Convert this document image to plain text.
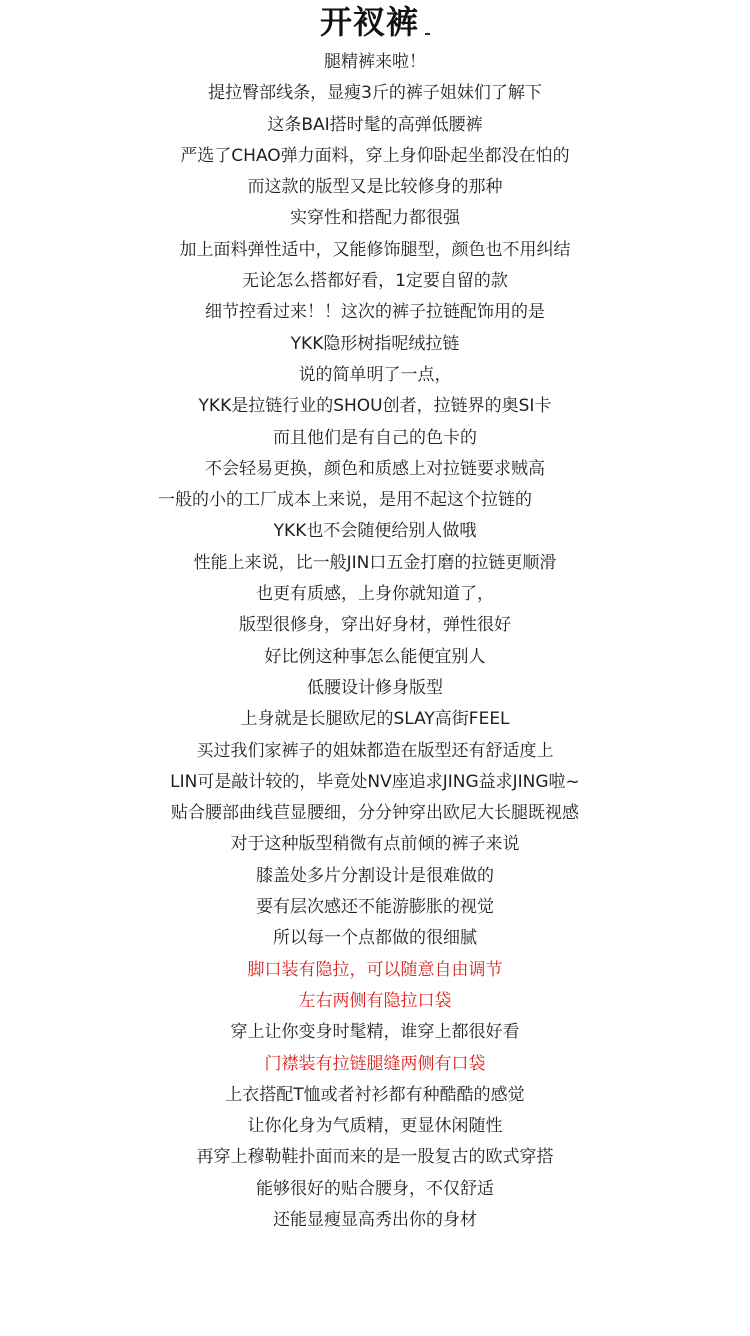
开衩裤
腿精裤来啦！
提拉臀部线条，显瘦3斤的裤子姐妹们了解下
这条BAI搭时髦的高弹低腰裤
严选了CHAO弹力面料，穿上身仰卧起坐都没在怕的
而这款的版型又是比较修身的那种
实穿性和搭配力都很强
加上面料弹性适中，又能修饰腿型，颜色也不用纠结
无论怎么搭都好看，1定要自留的款
细节控看过来！！这次的裤子拉链配饰用的是
YKK隐形树指呢绒拉链
说的简单明了一点，
YKK是拉链行业的SHOU创者，拉链界的奥SI卡
而且他们是有自己的色卡的
不会轻易更换，颜色和质感上对拉链要求贼高
一般的小的工厂成本上来说，是用不起这个拉链的
YKK也不会随便给别人做哦
性能上来说，比一般JIN口五金打磨的拉链更顺滑
也更有质感，上身你就知道了，
版型很修身，穿出好身材，弹性很好
好比例这种事怎么能便宜别人
低腰设计修身版型
上身就是长腿欧尼的SLAY高街FEEL
买过我们家裤子的姐妹都造在版型还有舒适度上
LIN可是敲计较的，毕竟处NV座追求JING益求JING啦~
贴合腰部曲线苣显腰细，分分钟穿出欧尼大长腿既视感
对于这种版型稍微有点前倾的裤子来说
膝盖处多片分割设计是很难做的
要有层次感还不能游膨胀的视觉
所以每一个点都做的很细腻
脚口装有隐拉，可以随意自由调节
左右两侧有隐拉口袋
穿上让你变身时髦精，谁穿上都很好看
门襟装有拉链腿缝两侧有口袋
上衣搭配T恤或者衬衫都有种酷酷的感觉
让你化身为气质精，更显休闲随性
再穿上穆勒鞋扑面而来的是一股复古的欧式穿搭
能够很好的贴合腰身，不仅舒适
还能显瘦显高秀出你的身材
